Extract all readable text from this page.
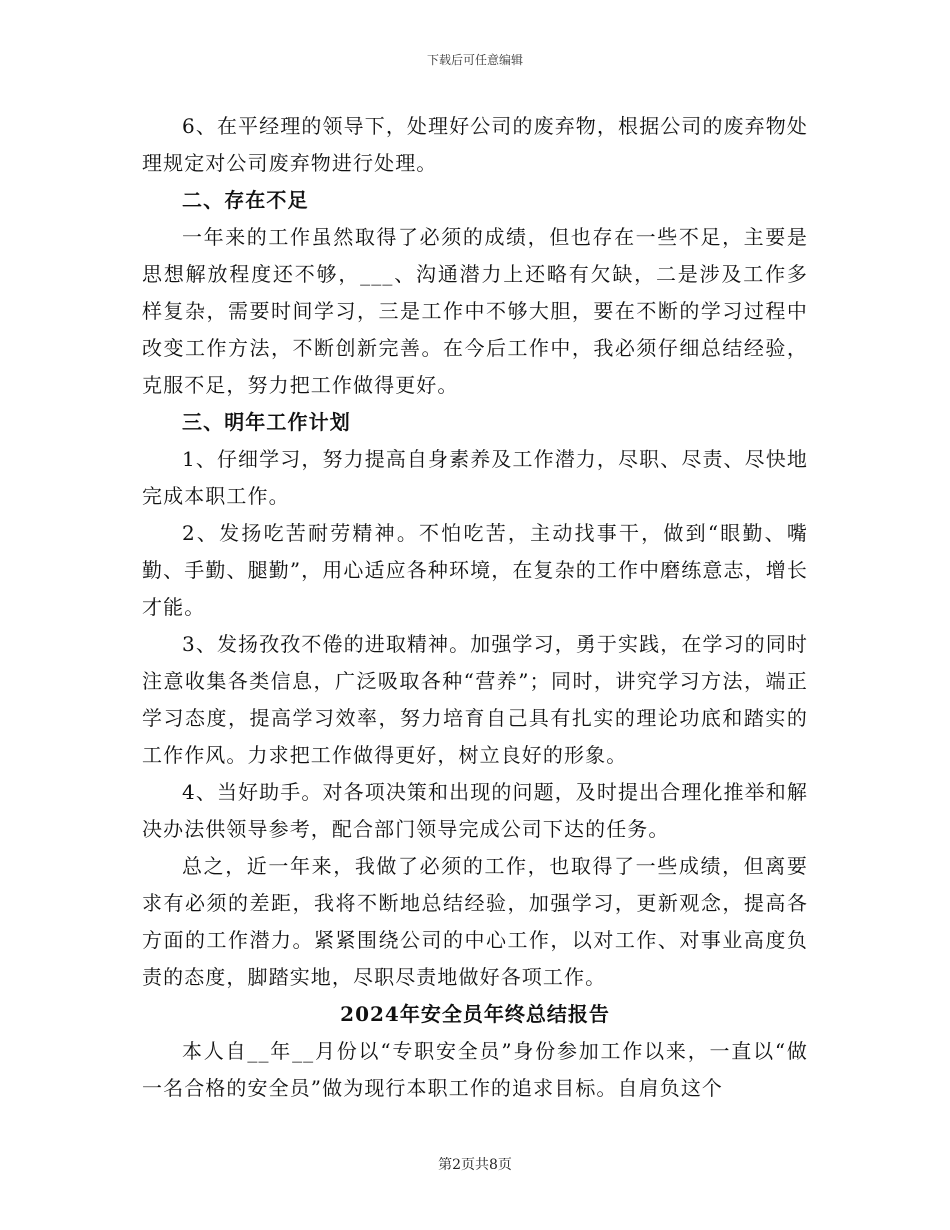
下载后可任意编辑

6、在平经理的领导下，处理好公司的废弃物，根据公司的废弃物处理规定对公司废弃物进行处理。

二、存在不足

一年来的工作虽然取得了必须的成绩，但也存在一些不足，主要是思想解放程度还不够，___、沟通潜力上还略有欠缺，二是涉及工作多样复杂，需要时间学习，三是工作中不够大胆，要在不断的学习过程中改变工作方法，不断创新完善。在今后工作中，我必须仔细总结经验，克服不足，努力把工作做得更好。

三、明年工作计划

1、仔细学习，努力提高自身素养及工作潜力，尽职、尽责、尽快地完成本职工作。

2、发扬吃苦耐劳精神。不怕吃苦，主动找事干，做到“眼勤、嘴勤、手勤、腿勤”，用心适应各种环境，在复杂的工作中磨练意志，增长才能。

3、发扬孜孜不倦的进取精神。加强学习，勇于实践，在学习的同时注意收集各类信息，广泛吸取各种“营养”；同时，讲究学习方法，端正学习态度，提高学习效率，努力培育自己具有扎实的理论功底和踏实的工作作风。力求把工作做得更好，树立良好的形象。

4、当好助手。对各项决策和出现的问题，及时提出合理化推举和解决办法供领导参考，配合部门领导完成公司下达的任务。

总之，近一年来，我做了必须的工作，也取得了一些成绩，但离要求有必须的差距，我将不断地总结经验，加强学习，更新观念，提高各方面的工作潜力。紧紧围绕公司的中心工作，以对工作、对事业高度负责的态度，脚踏实地，尽职尽责地做好各项工作。

2024年安全员年终总结报告

本人自__年__月份以“专职安全员”身份参加工作以来，一直以“做一名合格的安全员”做为现行本职工作的追求目标。自肩负这个

第2页共8页
